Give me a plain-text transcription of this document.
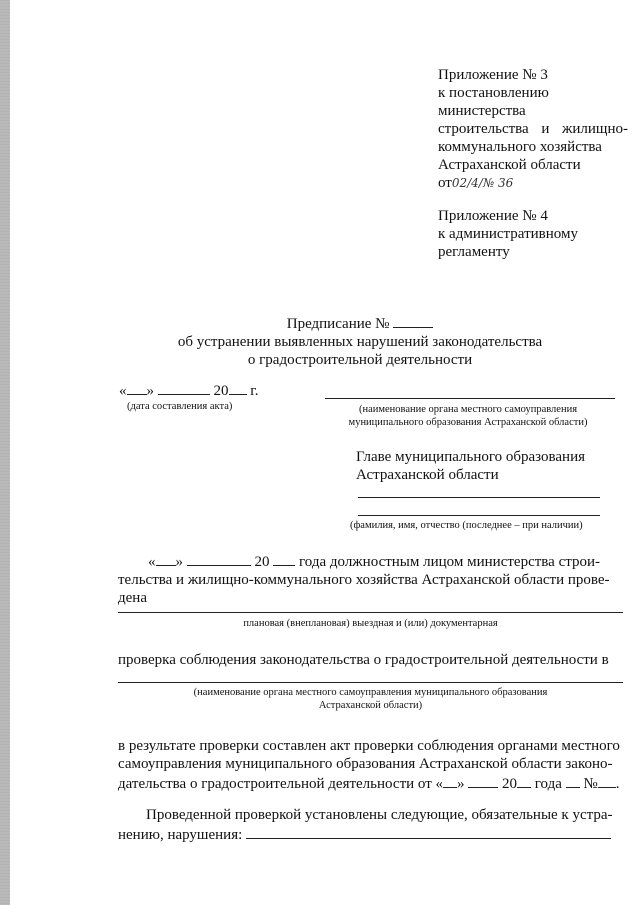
Приложение № 3
к постановлению
министерства
строительства и жилищно-
коммунального хозяйства
Астраханской области
от02/4/№ 36
Приложение № 4
к административному
регламенту
Предписание №
об устранении выявленных нарушений законодательства
о градостроительной деятельности
« »	20 г.
(дата составления акта)	(наименование органа местного самоуправления
муниципального образования Астраханской области)
Главе муниципального образования
Астраханской области
(фамилия, имя, отчество (последнее – при наличии)
« »	20 года должностным лицом министерства строи-
тельства и жилищно-коммунального хозяйства Астраханской области прове-
дена
плановая (внеплановая) выездная и (или) документарная
проверка соблюдения законодательства о градостроительной деятельности в
(наименование органа местного самоуправления муниципального образования
Астраханской области)
в результате проверки составлен акт проверки соблюдения органами местного
самоуправления муниципального образования Астраханской области законо-
дательства о градостроительной деятельности от « »	20 года № .
Проведенной проверкой установлены следующие, обязательные к устра-
нению, нарушения:
